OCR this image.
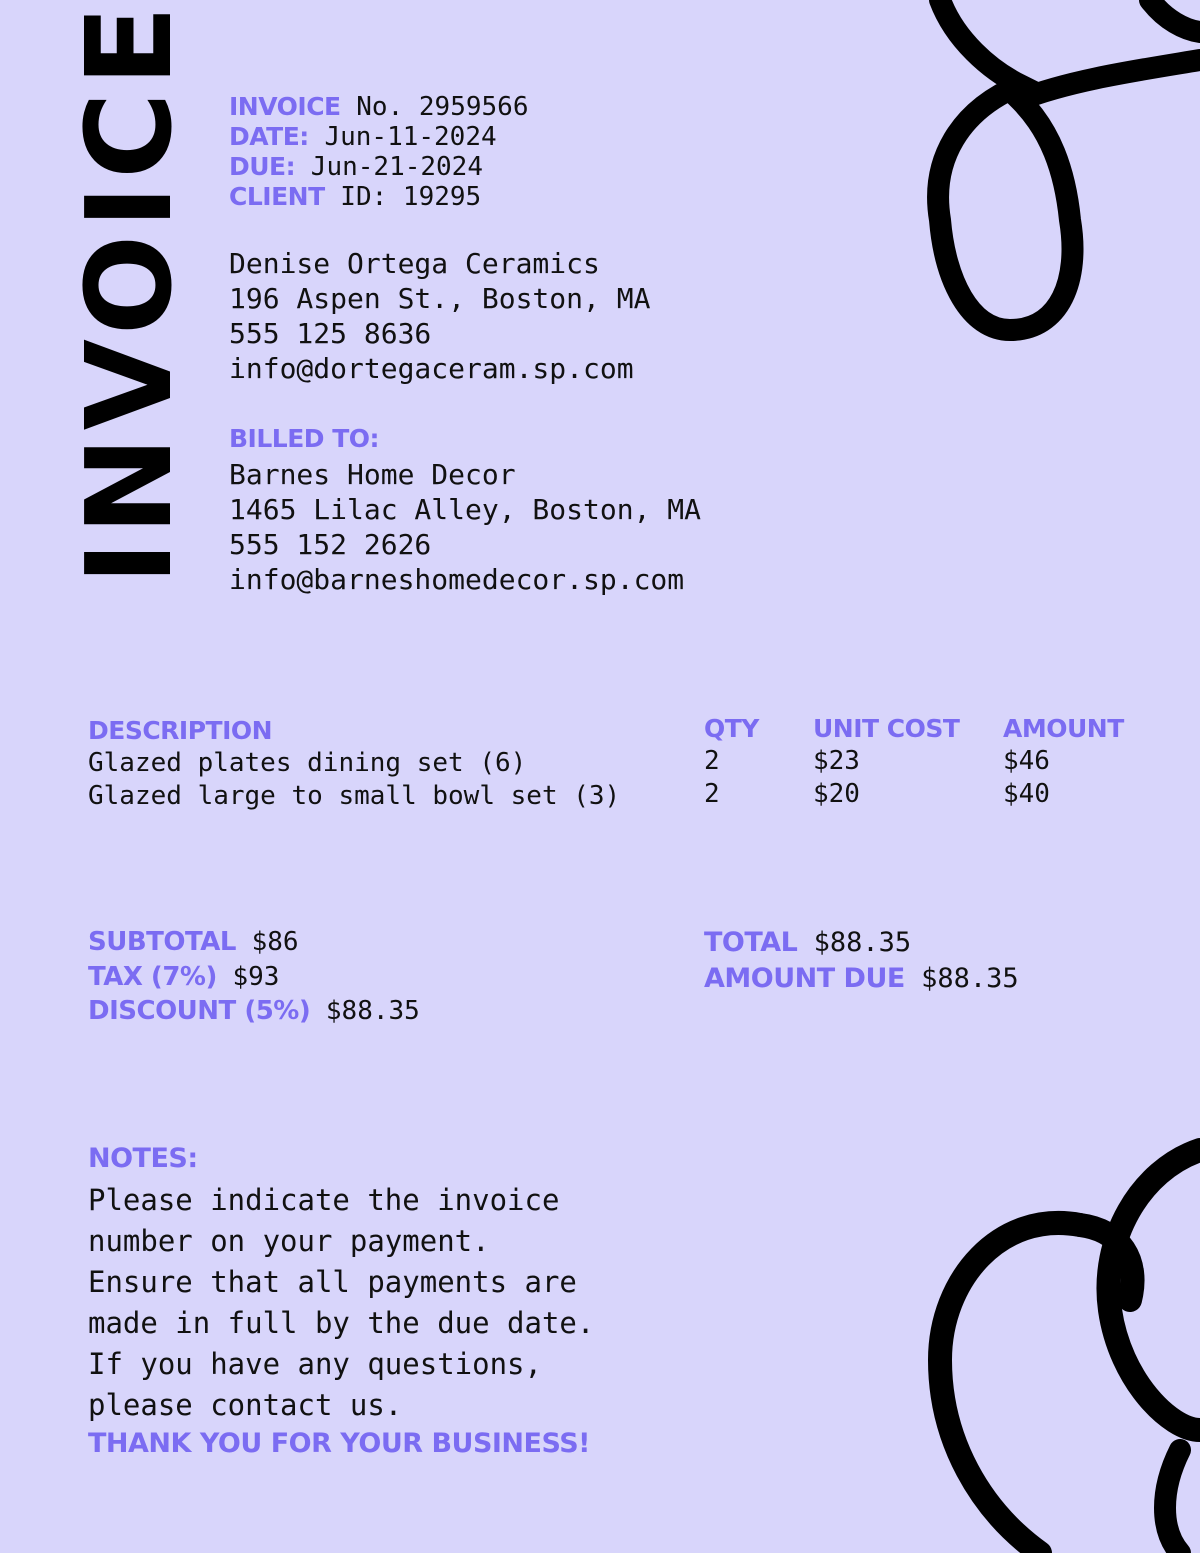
INVOICE INVOICE No. 2959566
DATE: Jun-11-2024
DUE: Jun-21-2024
CLIENT ID: 19295
Denise Ortega Ceramics
196 Aspen St., Boston, MA
555 125 8636
info@dortegaceram.sp.com
BILLED TO:
Barnes Home Decor
1465 Lilac Alley, Boston, MA
555 152 2626
info@barneshomedecor.sp.com
DESCRIPTION
Glazed plates dining set (6)
Glazed large to small bowl set (3)
QTY
2
2
UNIT COST
$23
$20
AMOUNT
$46
$40
SUBTOTAL $86
TAX (7%) $93
DISCOUNT (5%) $88.35
TOTAL $88.35
AMOUNT DUE $88.35
NOTES:
Please indicate the invoice
number on your payment.
Ensure that all payments are
made in full by the due date.
If you have any questions,
please contact us.
THANK YOU FOR YOUR BUSINESS!
